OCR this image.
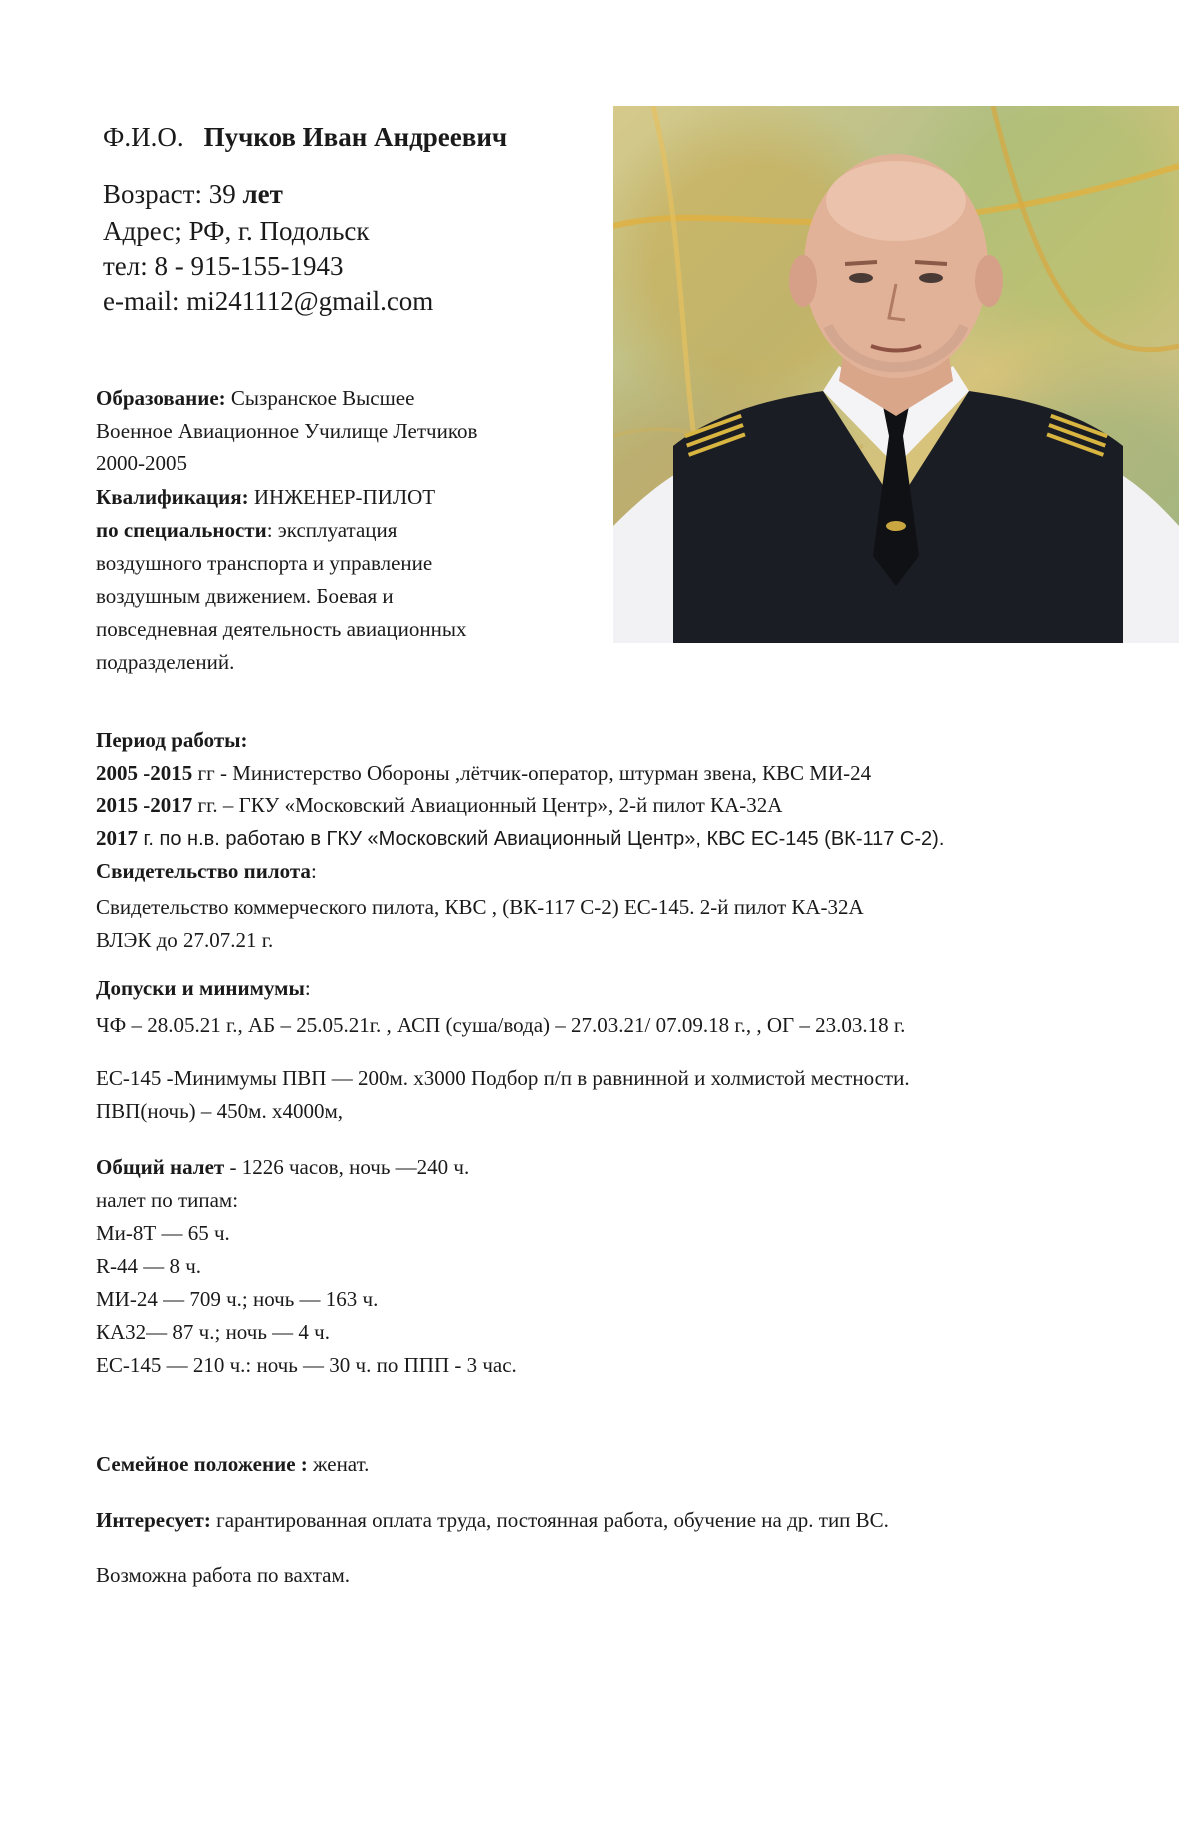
Ф.И.О. Пучков Иван Андреевич
Возраст: 39 лет
Адрес; РФ, г. Подольск
тел: 8 - 915-155-1943
e-mail: mi241112@gmail.com
Образование: Сызранское Высшее
Военное Авиационное Училище Летчиков
2000-2005
Квалификация: ИНЖЕНЕР-ПИЛОТ
по специальности: эксплуатация
воздушного транспорта и управление
воздушным движением. Боевая и
повседневная деятельность авиационных
подразделений.
Период работы:
2005 -2015 гг - Министерство Обороны ,лётчик-оператор, штурман звена, КВС МИ-24
2015 -2017 гг. – ГКУ «Московский Авиационный Центр», 2-й пилот КА-32А
2017 г. по н.в. работаю в ГКУ «Московский Авиационный Центр», КВС ЕС-145 (ВК-117 С-2).
Свидетельство пилота:
Свидетельство коммерческого пилота, КВС , (ВК-117 С-2) ЕС-145. 2-й пилот КА-32А
ВЛЭК до 27.07.21 г.
Допуски и минимумы:
ЧФ – 28.05.21 г., АБ – 25.05.21г. , АСП (суша/вода) – 27.03.21/ 07.09.18 г., , ОГ – 23.03.18 г.
ЕС-145 -Минимумы ПВП — 200м. х3000 Подбор п/п в равнинной и холмистой местности.
ПВП(ночь) – 450м. х4000м,
Общий налет - 1226 часов, ночь —240 ч.
налет по типам:
Ми-8Т — 65 ч.
R-44 — 8 ч.
МИ-24 — 709 ч.; ночь — 163 ч.
КА32— 87 ч.; ночь — 4 ч.
ЕС-145 — 210 ч.: ночь — 30 ч. по ППП - 3 час.
Семейное положение : женат.
Интересует: гарантированная оплата труда, постоянная работа, обучение на др. тип ВС.
Возможна работа по вахтам.
